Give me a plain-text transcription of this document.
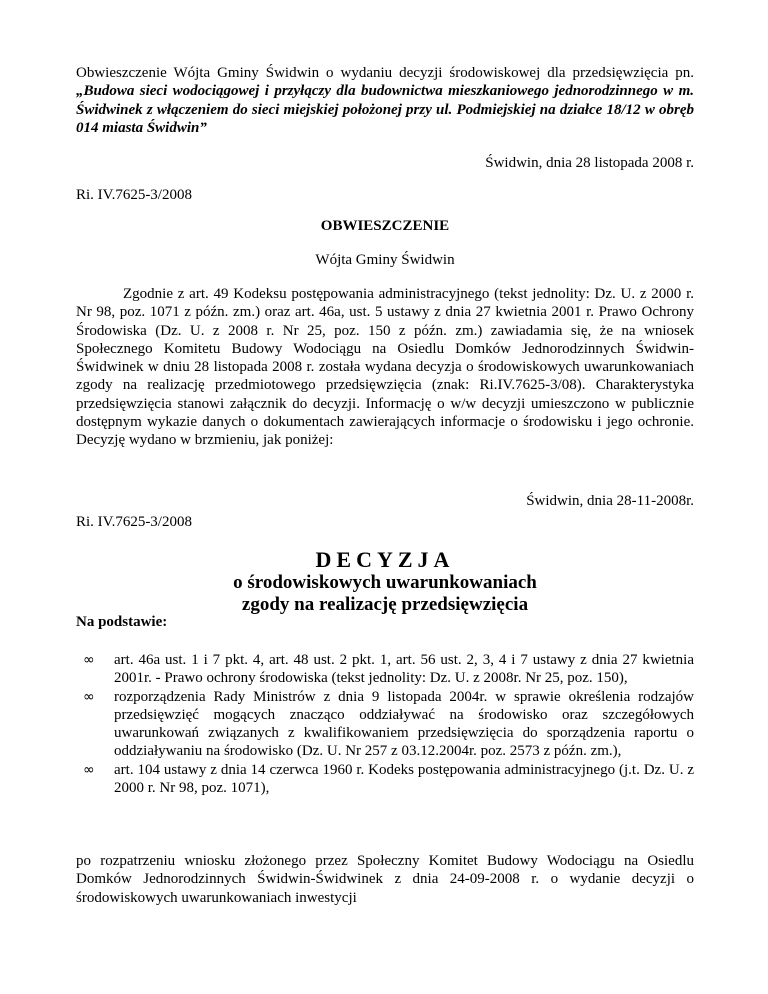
Obwieszczenie Wójta Gminy Świdwin o wydaniu decyzji środowiskowej dla przedsięwzięcia pn.„Budowa sieci wodociągowej i przyłączy dla budownictwa mieszkaniowego jednorodzinnego w m. Świdwinek z włączeniem do sieci miejskiej położonej przy ul. Podmiejskiej na działce 18/12 w obręb 014 miasta Świdwin”

Świdwin, dnia 28 listopada 2008 r.
Ri. IV.7625-3/2008
OBWIESZCZENIE
Wójta Gminy Świdwin

Zgodnie z art. 49 Kodeksu postępowania administracyjnego (tekst jednolity: Dz. U. z 2000 r. Nr 98, poz. 1071 z późn. zm.) oraz art. 46a, ust. 5 ustawy z dnia 27 kwietnia 2001 r. Prawo Ochrony Środowiska (Dz. U. z 2008 r. Nr 25, poz. 150 z późn. zm.) zawiadamia się, że na wniosek Społecznego Komitetu Budowy Wodociągu na Osiedlu Domków Jednorodzinnych Świdwin-Świdwinek w dniu 28 listopada 2008 r. została wydana decyzja o środowiskowych uwarunkowaniach zgody na realizację przedmiotowego przedsięwzięcia (znak: Ri.IV.7625-3/08). Charakterystyka przedsięwzięcia stanowi załącznik do decyzji. Informację o w/w decyzji umieszczono w publicznie dostępnym wykazie danych o dokumentach zawierających informacje o środowisku i jego ochronie. Decyzję wydano w brzmieniu, jak poniżej:

Świdwin, dnia 28-11-2008r.
Ri. IV.7625-3/2008
DECYZJA
o środowiskowych uwarunkowaniach
zgody na realizację przedsięwzięcia
Na podstawie:
∞ art. 46a ust. 1 i 7 pkt. 4, art. 48 ust. 2 pkt. 1, art. 56 ust. 2, 3, 4 i 7 ustawy z dnia 27 kwietnia 2001r. - Prawo ochrony środowiska (tekst jednolity: Dz. U. z 2008r. Nr 25, poz. 150),
∞ rozporządzenia Rady Ministrów z dnia 9 listopada 2004r. w sprawie określenia rodzajów przedsięwzięć mogących znacząco oddziaływać na środowisko oraz szczegółowych uwarunkowań związanych z kwalifikowaniem przedsięwzięcia do sporządzenia raportu o oddziaływaniu na środowisko (Dz. U. Nr 257 z 03.12.2004r. poz. 2573 z późn. zm.),
∞ art. 104 ustawy z dnia 14 czerwca 1960 r. Kodeks postępowania administracyjnego (j.t. Dz. U. z 2000 r. Nr 98, poz. 1071),

po rozpatrzeniu wniosku złożonego przez Społeczny Komitet Budowy Wodociągu na Osiedlu Domków Jednorodzinnych Świdwin-Świdwinek z dnia 24-09-2008 r. o wydanie decyzji o środowiskowych uwarunkowaniach inwestycji
